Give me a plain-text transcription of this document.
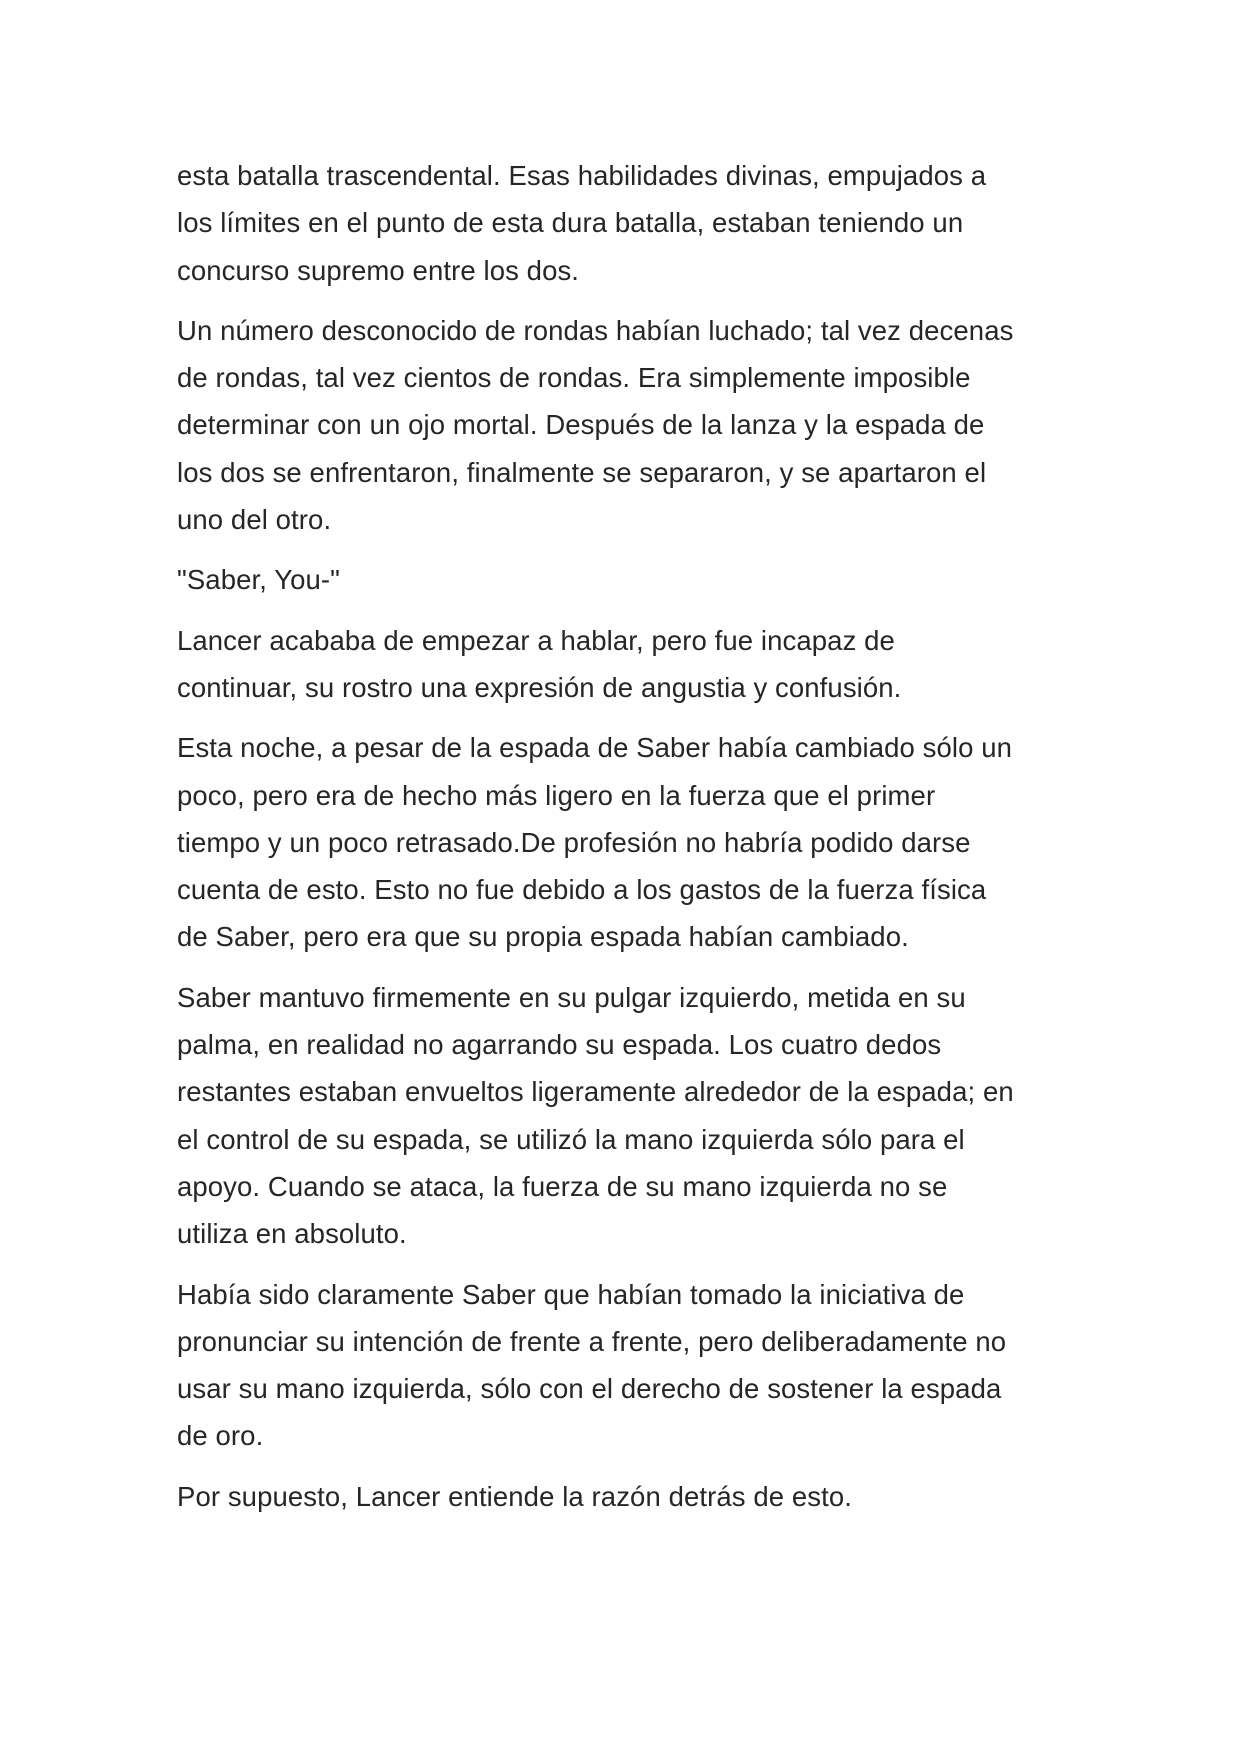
esta batalla trascendental. Esas habilidades divinas, empujados a
los límites en el punto de esta dura batalla, estaban teniendo un
concurso supremo entre los dos.

Un número desconocido de rondas habían luchado; tal vez decenas
de rondas, tal vez cientos de rondas. Era simplemente imposible
determinar con un ojo mortal. Después de la lanza y la espada de
los dos se enfrentaron, finalmente se separaron, y se apartaron el
uno del otro.

"Saber, You-"

Lancer acababa de empezar a hablar, pero fue incapaz de
continuar, su rostro una expresión de angustia y confusión.

Esta noche, a pesar de la espada de Saber había cambiado sólo un
poco, pero era de hecho más ligero en la fuerza que el primer
tiempo y un poco retrasado.De profesión no habría podido darse
cuenta de esto. Esto no fue debido a los gastos de la fuerza física
de Saber, pero era que su propia espada habían cambiado.

Saber mantuvo firmemente en su pulgar izquierdo, metida en su
palma, en realidad no agarrando su espada. Los cuatro dedos
restantes estaban envueltos ligeramente alrededor de la espada; en
el control de su espada, se utilizó la mano izquierda sólo para el
apoyo. Cuando se ataca, la fuerza de su mano izquierda no se
utiliza en absoluto.

Había sido claramente Saber que habían tomado la iniciativa de
pronunciar su intención de frente a frente, pero deliberadamente no
usar su mano izquierda, sólo con el derecho de sostener la espada
de oro.

Por supuesto, Lancer entiende la razón detrás de esto.
